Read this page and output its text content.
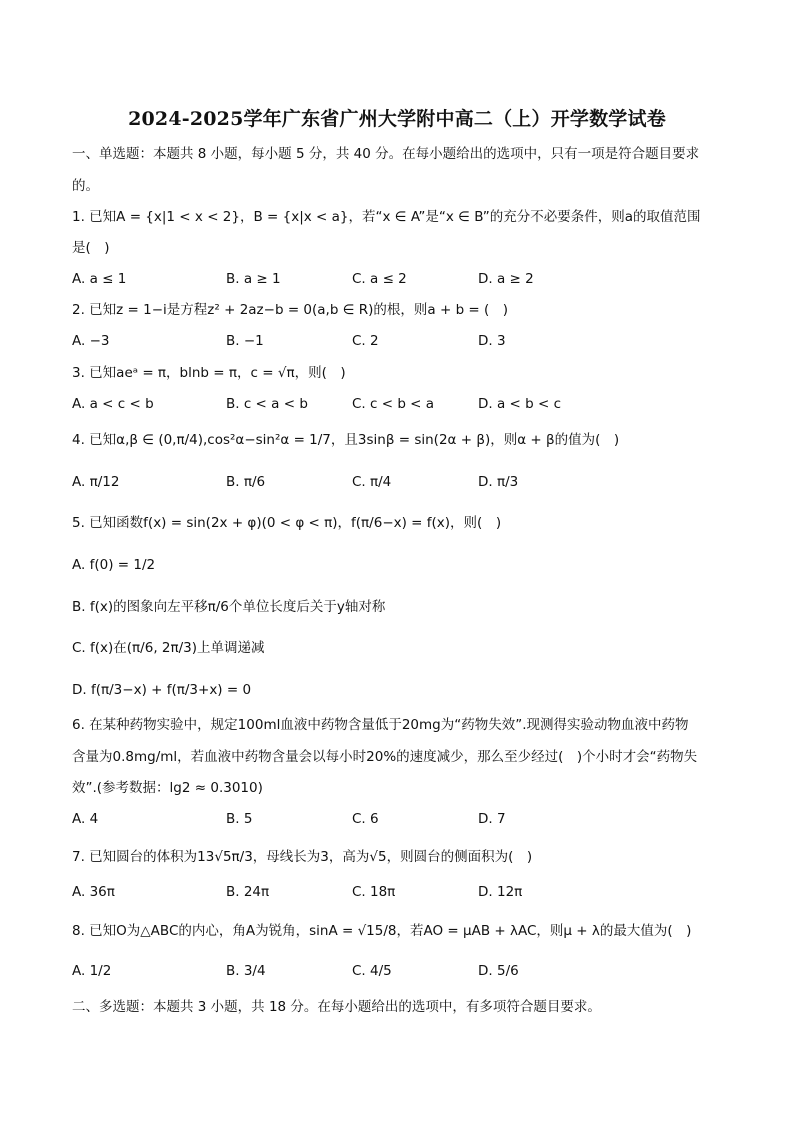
2024-2025学年广东省广州大学附中高二（上）开学数学试卷
一、单选题：本题共 8 小题，每小题 5 分，共 40 分。在每小题给出的选项中，只有一项是符合题目要求
的。
1. 已知A = {x|1 < x < 2}，B = {x|x < a}，若“x ∈ A”是“x ∈ B”的充分不必要条件，则a的取值范围
是(　)
A. a ≤ 1	B. a ≥ 1	C. a ≤ 2	D. a ≥ 2
2. 已知z = 1−i是方程z² + 2az−b = 0(a,b ∈ R)的根，则a + b = (　)
A. −3	B. −1	C. 2	D. 3
3. 已知aeᵃ = π，blnb = π，c = √π，则(　)
A. a < c < b	B. c < a < b	C. c < b < a	D. a < b < c
4. 已知α,β ∈ (0,π/4),cos²α−sin²α = 1/7，且3sinβ = sin(2α + β)，则α + β的值为(　)
A. π/12	B. π/6	C. π/4	D. π/3
5. 已知函数f(x) = sin(2x + φ)(0 < φ < π)，f(π/6−x) = f(x)，则(　)
A. f(0) = 1/2
B. f(x)的图象向左平移π/6个单位长度后关于y轴对称
C. f(x)在(π/6, 2π/3)上单调递减
D. f(π/3−x) + f(π/3+x) = 0
6. 在某种药物实验中，规定100ml血液中药物含量低于20mg为“药物失效”.现测得实验动物血液中药物
含量为0.8mg/ml，若血液中药物含量会以每小时20%的速度减少，那么至少经过(　)个小时才会“药物失
效”.(参考数据：lg2 ≈ 0.3010)
A. 4	B. 5	C. 6	D. 7
7. 已知圆台的体积为13√5π/3，母线长为3，高为√5，则圆台的侧面积为(　)
A. 36π	B. 24π	C. 18π	D. 12π
8. 已知O为△ABC的内心，角A为锐角，sinA = √15/8，若AO = μAB + λAC，则μ + λ的最大值为(　)
A. 1/2	B. 3/4	C. 4/5	D. 5/6
二、多选题：本题共 3 小题，共 18 分。在每小题给出的选项中，有多项符合题目要求。
